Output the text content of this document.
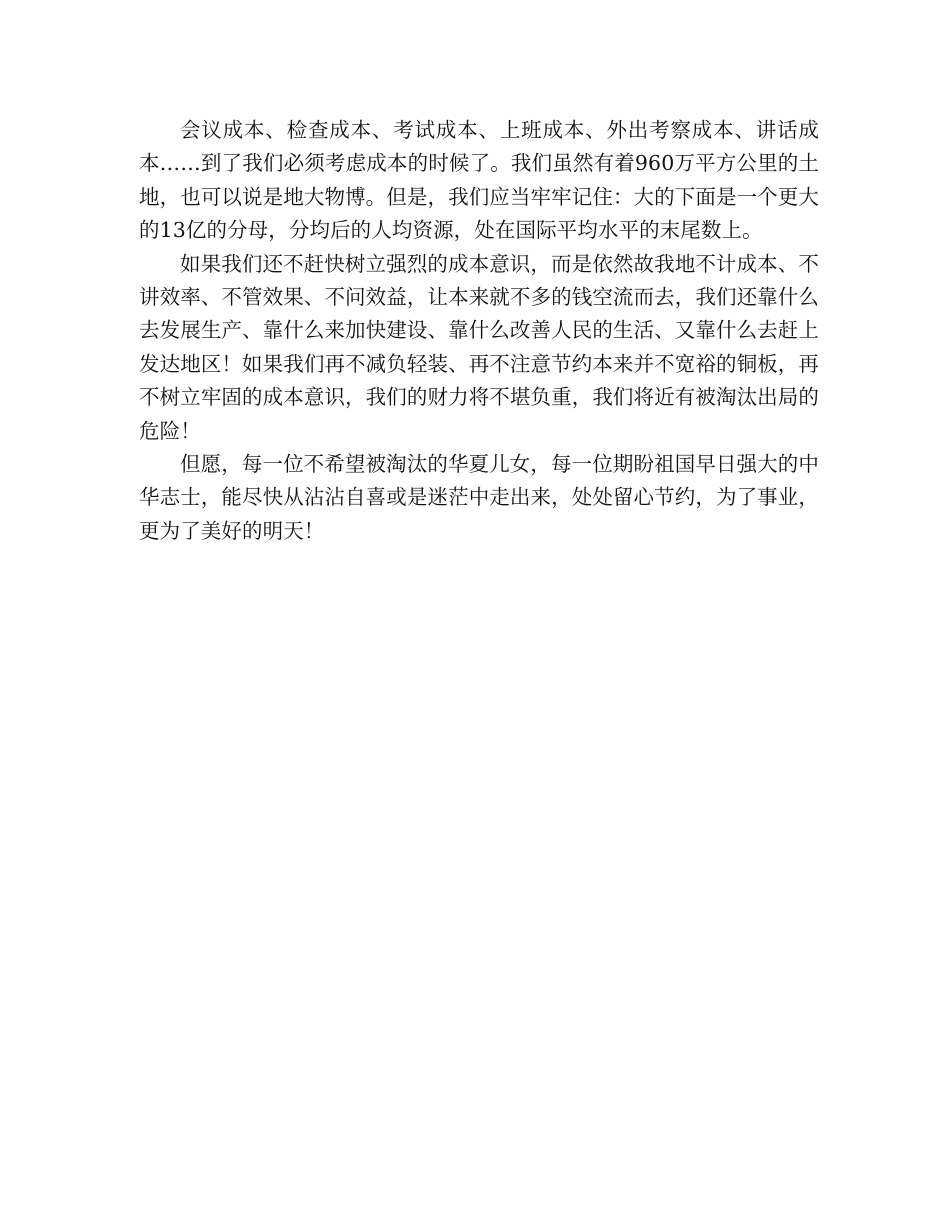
会议成本、检查成本、考试成本、上班成本、外出考察成本、讲话成本……到了我们必须考虑成本的时候了。我们虽然有着960万平方公里的土地，也可以说是地大物博。但是，我们应当牢牢记住：大的下面是一个更大的13亿的分母，分均后的人均资源，处在国际平均水平的末尾数上。

如果我们还不赶快树立强烈的成本意识，而是依然故我地不计成本、不讲效率、不管效果、不问效益，让本来就不多的钱空流而去，我们还靠什么去发展生产、靠什么来加快建设、靠什么改善人民的生活、又靠什么去赶上发达地区！如果我们再不减负轻装、再不注意节约本来并不宽裕的铜板，再不树立牢固的成本意识，我们的财力将不堪负重，我们将近有被淘汰出局的危险！

但愿，每一位不希望被淘汰的华夏儿女，每一位期盼祖国早日强大的中华志士，能尽快从沾沾自喜或是迷茫中走出来，处处留心节约，为了事业，更为了美好的明天！
